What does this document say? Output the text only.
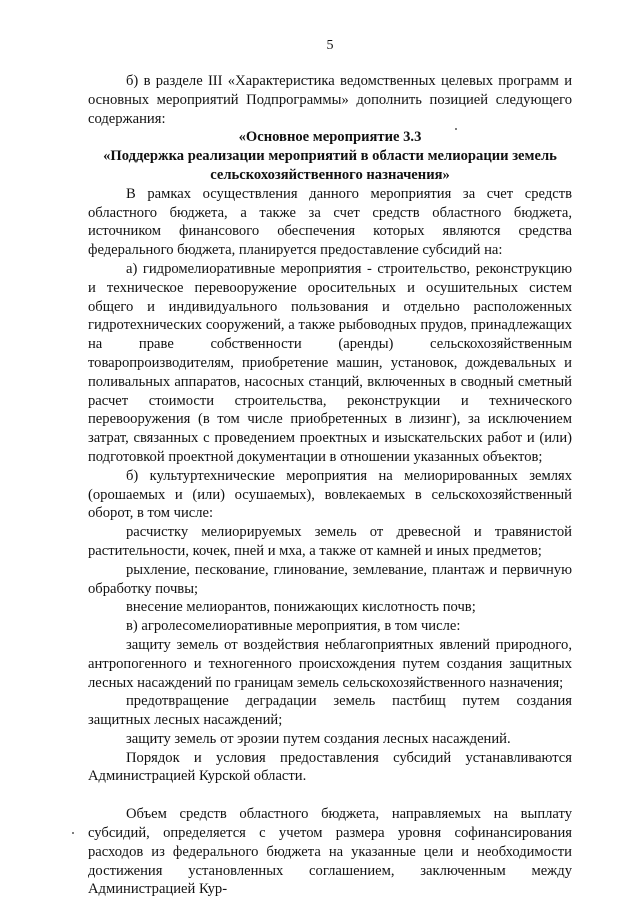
5

б) в разделе III «Характеристика ведомственных целевых программ и основных мероприятий Подпрограммы» дополнить позицией следующего содержания:

«Основное мероприятие 3.3

«Поддержка реализации мероприятий в области мелиорации земель сельскохозяйственного назначения»

В рамках осуществления данного мероприятия за счет средств областного бюджета, а также за счет средств областного бюджета, источником финансового обеспечения которых являются средства федерального бюджета, планируется предоставление субсидий на:

а) гидромелиоративные мероприятия - строительство, реконструкцию и техническое перевооружение оросительных и осушительных систем общего и индивидуального пользования и отдельно расположенных гидротехнических сооружений, а также рыбоводных прудов, принадлежащих на праве собственности (аренды) сельскохозяйственным товаропроизводителям, приобретение машин, установок, дождевальных и поливальных аппаратов, насосных станций, включенных в сводный сметный расчет стоимости строительства, реконструкции и технического перевооружения (в том числе приобретенных в лизинг), за исключением затрат, связанных с проведением проектных и изыскательских работ и (или) подготовкой проектной документации в отношении указанных объектов;

б) культуртехнические мероприятия на мелиорированных землях (орошаемых и (или) осушаемых), вовлекаемых в сельскохозяйственный оборот, в том числе:

расчистку мелиорируемых земель от древесной и травянистой растительности, кочек, пней и мха, а также от камней и иных предметов;

рыхление, пескование, глинование, землевание, плантаж и первичную обработку почвы;

внесение мелиорантов, понижающих кислотность почв;

в) агролесомелиоративные мероприятия, в том числе:

защиту земель от воздействия неблагоприятных явлений природного, антропогенного и техногенного происхождения путем создания защитных лесных насаждений по границам земель сельскохозяйственного назначения;

предотвращение деградации земель пастбищ путем создания защитных лесных насаждений;

защиту земель от эрозии путем создания лесных насаждений.

Порядок и условия предоставления субсидий устанавливаются Администрацией Курской области.

Объем средств областного бюджета, направляемых на выплату субсидий, определяется с учетом размера уровня софинансирования расходов из федерального бюджета на указанные цели и необходимости достижения установленных соглашением, заключенным между Администрацией Кур-
